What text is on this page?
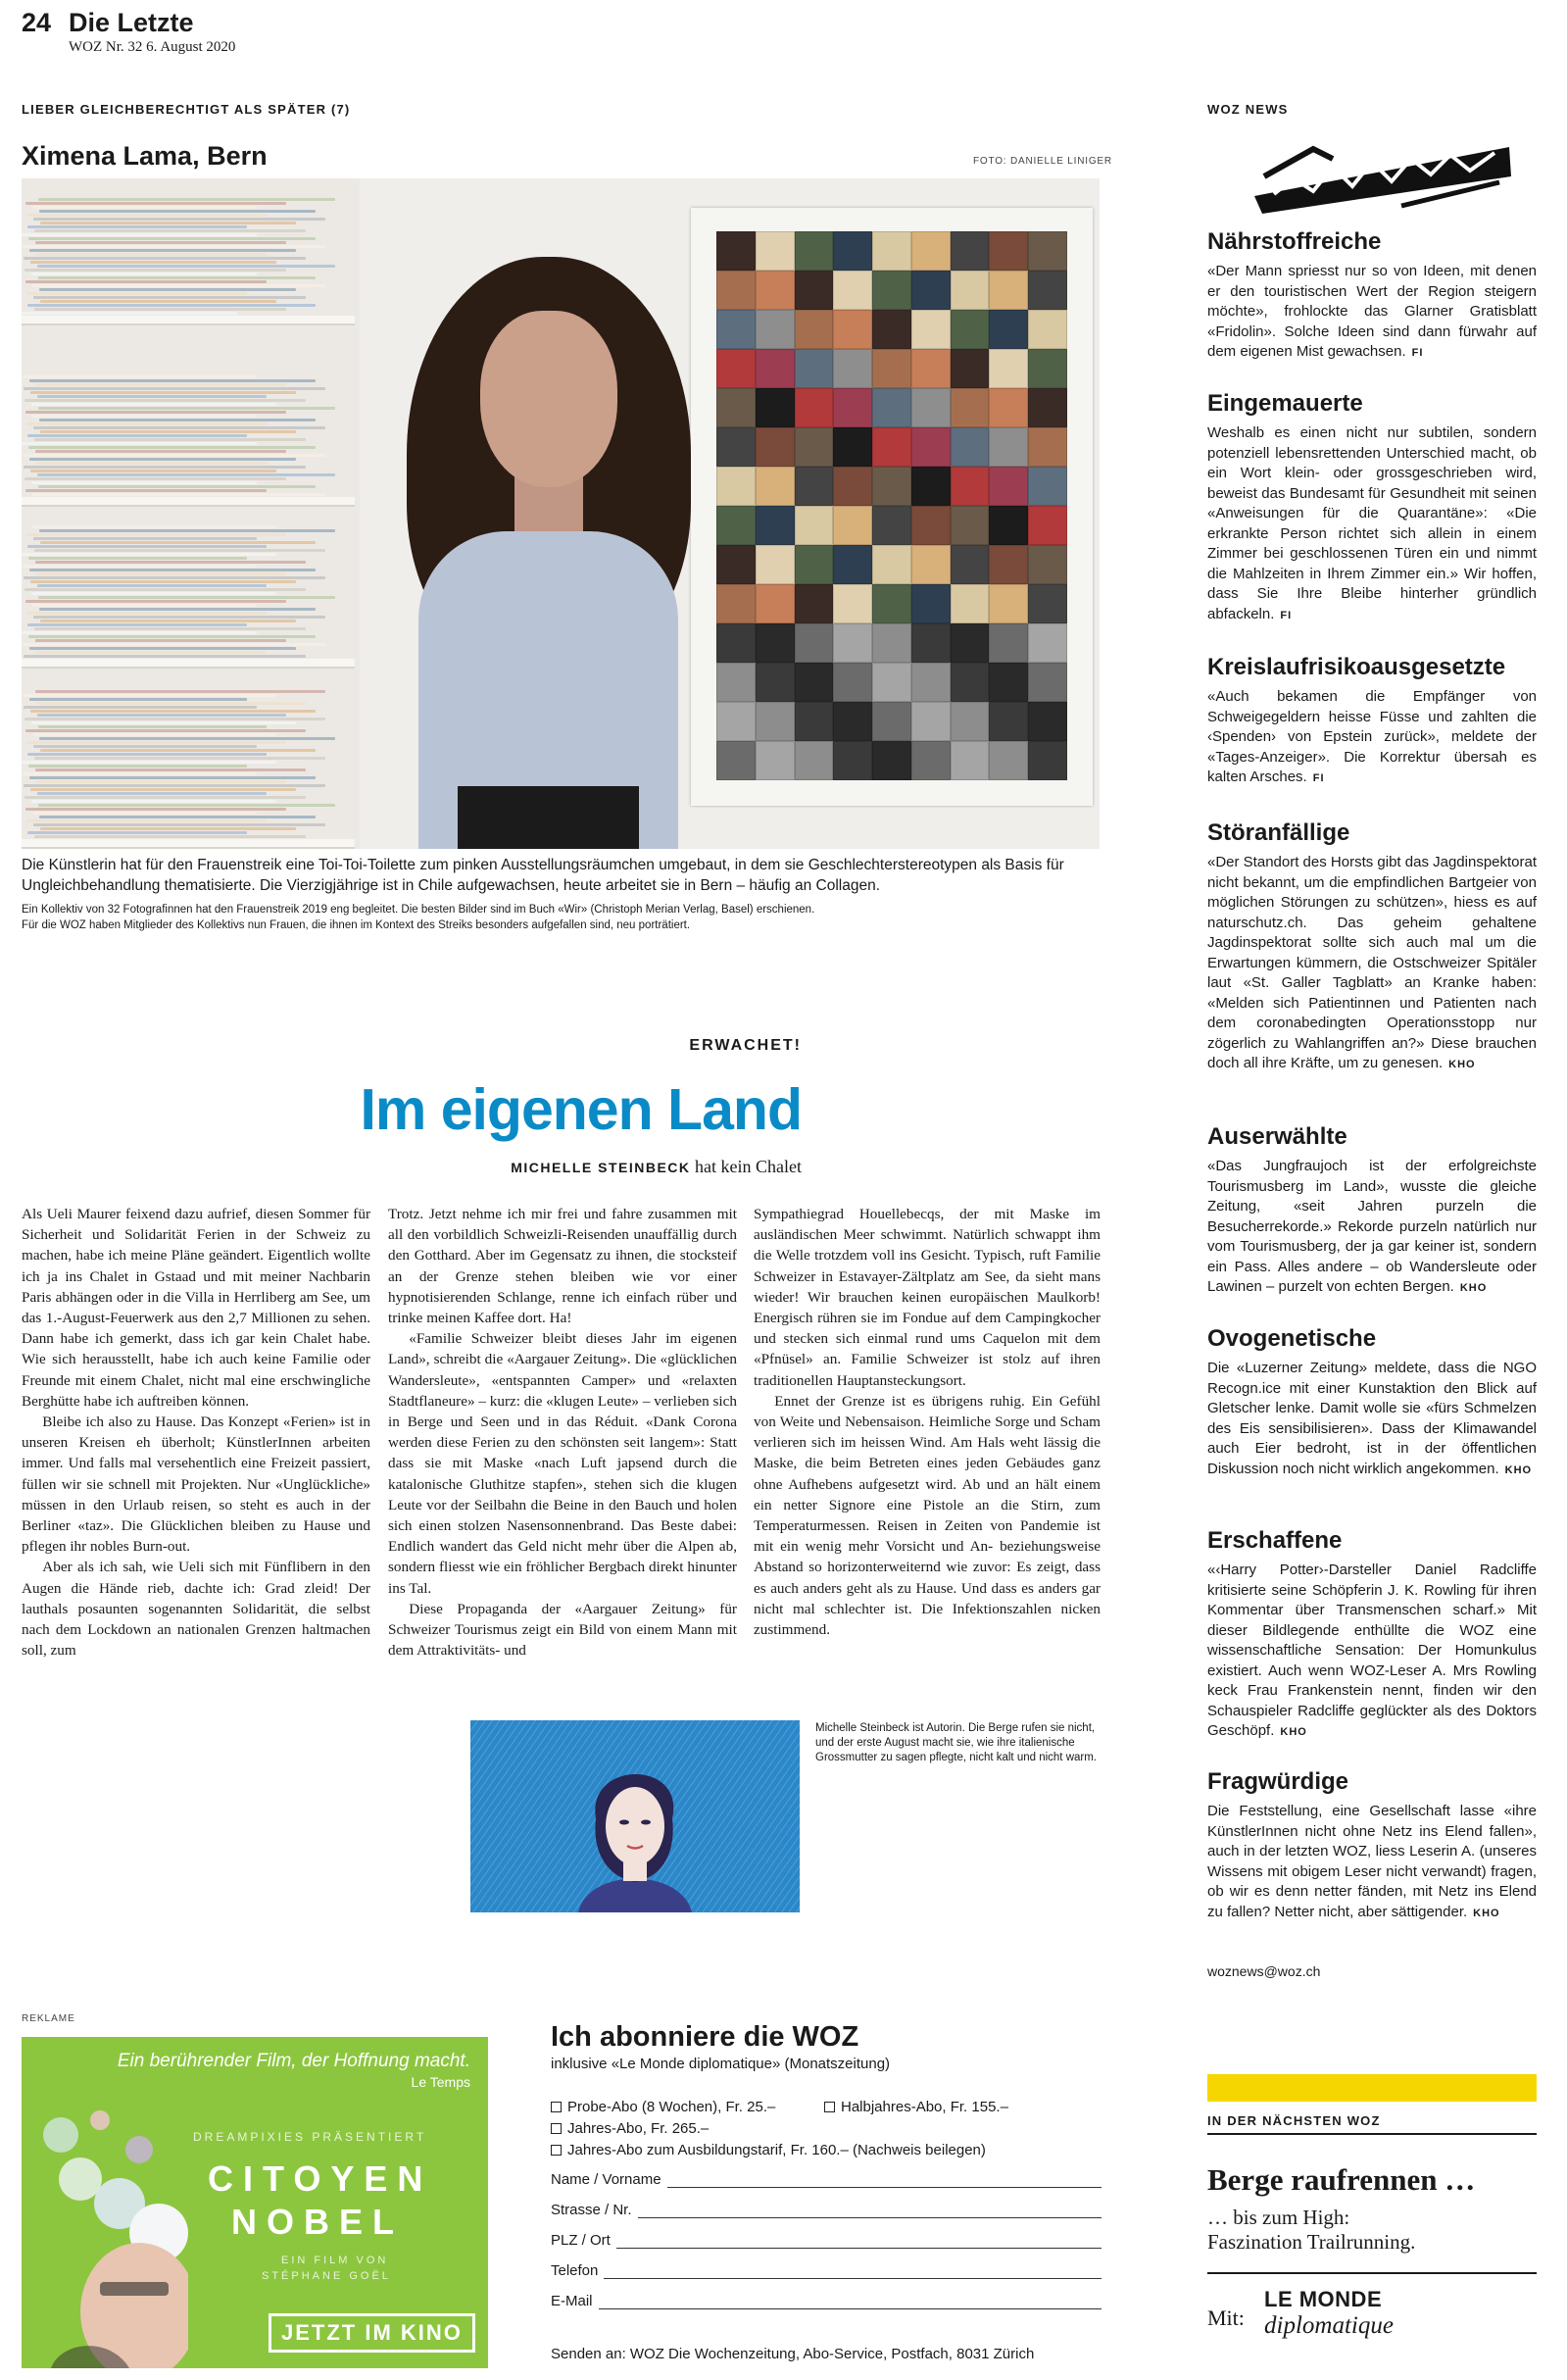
24 Die Letzte
WOZ Nr. 32 6. August 2020
LIEBER GLEICHBERECHTIGT ALS SPÄTER (7)
Ximena Lama, Bern	FOTO: DANIELLE LINIGER
Die Künstlerin hat für den Frauenstreik eine Toi-Toi-Toilette zum pinken Ausstellungsräumchen umgebaut, in dem sie Geschlechterstereotypen als Basis für Ungleichbehandlung thematisierte. Die Vierzigjährige ist in Chile aufgewachsen, heute arbeitet sie in Bern – häufig an Collagen.
Ein Kollektiv von 32 Fotografinnen hat den Frauenstreik 2019 eng begleitet. Die besten Bilder sind im Buch «Wir» (Christoph Merian Verlag, Basel) erschienen.
Für die WOZ haben Mitglieder des Kollektivs nun Frauen, die ihnen im Kontext des Streiks besonders aufgefallen sind, neu porträtiert.
ERWACHET!
Im eigenen Land
MICHELLE STEINBECK hat kein Chalet

Als Ueli Maurer feixend dazu aufrief, diesen Sommer für Sicherheit und Solidarität Ferien in der Schweiz zu machen, habe ich meine Pläne geändert. Eigentlich wollte ich ja ins Chalet in Gstaad und mit meiner Nachbarin Paris abhängen oder in die Villa in Herrliberg am See, um das 1.-August-Feuerwerk aus den 2,7 Millionen zu sehen. Dann habe ich gemerkt, dass ich gar kein Chalet habe. Wie sich herausstellt, habe ich auch keine Familie oder Freunde mit einem Chalet, nicht mal eine erschwingliche Berghütte habe ich auftreiben können.

Bleibe ich also zu Hause. Das Konzept «Ferien» ist in unseren Kreisen eh überholt; KünstlerInnen arbeiten immer. Und falls mal versehentlich eine Freizeit passiert, füllen wir sie schnell mit Projekten. Nur «Unglückliche» müssen in den Urlaub reisen, so steht es auch in der Berliner «taz». Die Glücklichen bleiben zu Hause und pflegen ihr nobles Burn-out.

Aber als ich sah, wie Ueli sich mit Fünflibern in den Augen die Hände rieb, dachte ich: Grad zleid! Der lauthals posaunten sogenannten Solidarität, die selbst nach dem Lockdown an nationalen Grenzen haltmachen soll, zum

Trotz. Jetzt nehme ich mir frei und fahre zusammen mit all den vorbildlich Schweizli-Reisenden unauffällig durch den Gotthard. Aber im Gegensatz zu ihnen, die stocksteif an der Grenze stehen bleiben wie vor einer hypnotisierenden Schlange, renne ich einfach rüber und trinke meinen Kaffee dort. Ha!

«Familie Schweizer bleibt dieses Jahr im eigenen Land», schreibt die «Aargauer Zeitung». Die «glücklichen Wandersleute», «entspannten Camper» und «relaxten Stadtflaneure» – kurz: die «klugen Leute» – verlieben sich in Berge und Seen und in das Réduit. «Dank Corona werden diese Ferien zu den schönsten seit langem»: Statt dass sie mit Maske «nach Luft japsend durch die katalonische Gluthitze stapfen», stehen sich die klugen Leute vor der Seilbahn die Beine in den Bauch und holen sich einen stolzen Nasensonnenbrand. Das Beste dabei: Endlich wandert das Geld nicht mehr über die Alpen ab, sondern fliesst wie ein fröhlicher Bergbach direkt hinunter ins Tal.

Diese Propaganda der «Aargauer Zeitung» für Schweizer Tourismus zeigt ein Bild von einem Mann mit dem Attraktivitäts- und

Sympathiegrad Houellebecqs, der mit Maske im ausländischen Meer schwimmt. Natürlich schwappt ihm die Welle trotzdem voll ins Gesicht. Typisch, ruft Familie Schweizer in Estavayer-Zältplatz am See, da sieht mans wieder! Wir brauchen keinen europäischen Maulkorb! Energisch rühren sie im Fondue auf dem Campingkocher und stecken sich einmal rund ums Caquelon mit dem «Pfnüsel» an. Familie Schweizer ist stolz auf ihren traditionellen Hauptansteckungsort.

Ennet der Grenze ist es übrigens ruhig. Ein Gefühl von Weite und Nebensaison. Heimliche Sorge und Scham verlieren sich im heissen Wind. Am Hals weht lässig die Maske, die beim Betreten eines jeden Gebäudes ganz ohne Aufhebens aufgesetzt wird. Ab und an hält einem ein netter Signore eine Pistole an die Stirn, zum Temperaturmessen. Reisen in Zeiten von Pandemie ist mit ein wenig mehr Vorsicht und An- beziehungsweise Abstand so horizonterweiternd wie zuvor: Es zeigt, dass es auch anders geht als zu Hause. Und dass es anders gar nicht mal schlechter ist. Die Infektionszahlen nicken zustimmend.

Michelle Steinbeck ist Autorin. Die Berge rufen sie nicht, und der erste August macht sie, wie ihre italienische Grossmutter zu sagen pflegte, nicht kalt und nicht warm.
WOZ NEWS
Nährstoffreiche
«Der Mann spriesst nur so von Ideen, mit denen er den touristischen Wert der Region steigern möchte», frohlockte das Glarner Gratisblatt «Fridolin». Solche Ideen sind dann fürwahr auf dem eigenen Mist gewachsen. FI
Eingemauerte
Weshalb es einen nicht nur subtilen, sondern potenziell lebensrettenden Unterschied macht, ob ein Wort klein- oder grossgeschrieben wird, beweist das Bundesamt für Gesundheit mit seinen «Anweisungen für die Quarantäne»: «Die erkrankte Person richtet sich allein in einem Zimmer bei geschlossenen Türen ein und nimmt die Mahlzeiten in Ihrem Zimmer ein.» Wir hoffen, dass Sie Ihre Bleibe hinterher gründlich abfackeln. FI
Kreislaufrisikoausgesetzte
«Auch bekamen die Empfänger von Schweigegeldern heisse Füsse und zahlten die ‹Spenden› von Epstein zurück», meldete der «Tages-Anzeiger». Die Korrektur übersah es kalten Arsches. FI
Störanfällige
«Der Standort des Horsts gibt das Jagdinspektorat nicht bekannt, um die empfindlichen Bartgeier von möglichen Störungen zu schützen», hiess es auf naturschutz.ch. Das geheim gehaltene Jagdinspektorat sollte sich auch mal um die Erwartungen kümmern, die Ostschweizer Spitäler laut «St. Galler Tagblatt» an Kranke haben: «Melden sich Patientinnen und Patienten nach dem coronabedingten Operationsstopp nur zögerlich zu Wahlangriffen an?» Diese brauchen doch all ihre Kräfte, um zu genesen. KHO
Auserwählte
«Das Jungfraujoch ist der erfolgreichste Tourismusberg im Land», wusste die gleiche Zeitung, «seit Jahren purzeln die Besucherrekorde.» Rekorde purzeln natürlich nur vom Tourismusberg, der ja gar keiner ist, sondern ein Pass. Alles andere – ob Wandersleute oder Lawinen – purzelt von echten Bergen. KHO
Ovogenetische
Die «Luzerner Zeitung» meldete, dass die NGO Recogn.ice mit einer Kunstaktion den Blick auf Gletscher lenke. Damit wolle sie «fürs Schmelzen des Eis sensibilisieren». Dass der Klimawandel auch Eier bedroht, ist in der öffentlichen Diskussion noch nicht wirklich angekommen. KHO
Erschaffene
«‹Harry Potter›-Darsteller Daniel Radcliffe kritisierte seine Schöpferin J. K. Rowling für ihren Kommentar über Transmenschen scharf.» Mit dieser Bildlegende enthüllte die WOZ eine wissenschaftliche Sensation: Der Homunkulus existiert. Auch wenn WOZ-Leser A. Mrs Rowling keck Frau Frankenstein nennt, finden wir den Schauspieler Radcliffe geglückter als des Doktors Geschöpf. KHO
Fragwürdige
Die Feststellung, eine Gesellschaft lasse «ihre KünstlerInnen nicht ohne Netz ins Elend fallen», auch in der letzten WOZ, liess Leserin A. (unseres Wissens mit obigem Leser nicht verwandt) fragen, ob wir es denn netter fänden, mit Netz ins Elend zu fallen? Netter nicht, aber sättigender. KHO
woznews@woz.ch
REKLAME
Ein berührender Film, der Hoffnung macht.
Le Temps
DREAMPIXIES PRÄSENTIERT
CITOYEN
NOBEL
EIN FILM VON
STÉPHANE GOËL
JETZT IM KINO
Ich abonniere die WOZ
inklusive «Le Monde diplomatique» (Monatszeitung)
Probe-Abo (8 Wochen), Fr. 25.–	Halbjahres-Abo, Fr. 155.–
Jahres-Abo, Fr. 265.–
Jahres-Abo zum Ausbildungstarif, Fr. 160.– (Nachweis beilegen)
Name / Vorname
Strasse / Nr.
PLZ / Ort
Telefon
E-Mail
Senden an: WOZ Die Wochenzeitung, Abo-Service, Postfach, 8031 Zürich
IN DER NÄCHSTEN WOZ
Berge raufrennen …
… bis zum High:
Faszination Trailrunning.
Mit:
LE MONDE
diplomatique
